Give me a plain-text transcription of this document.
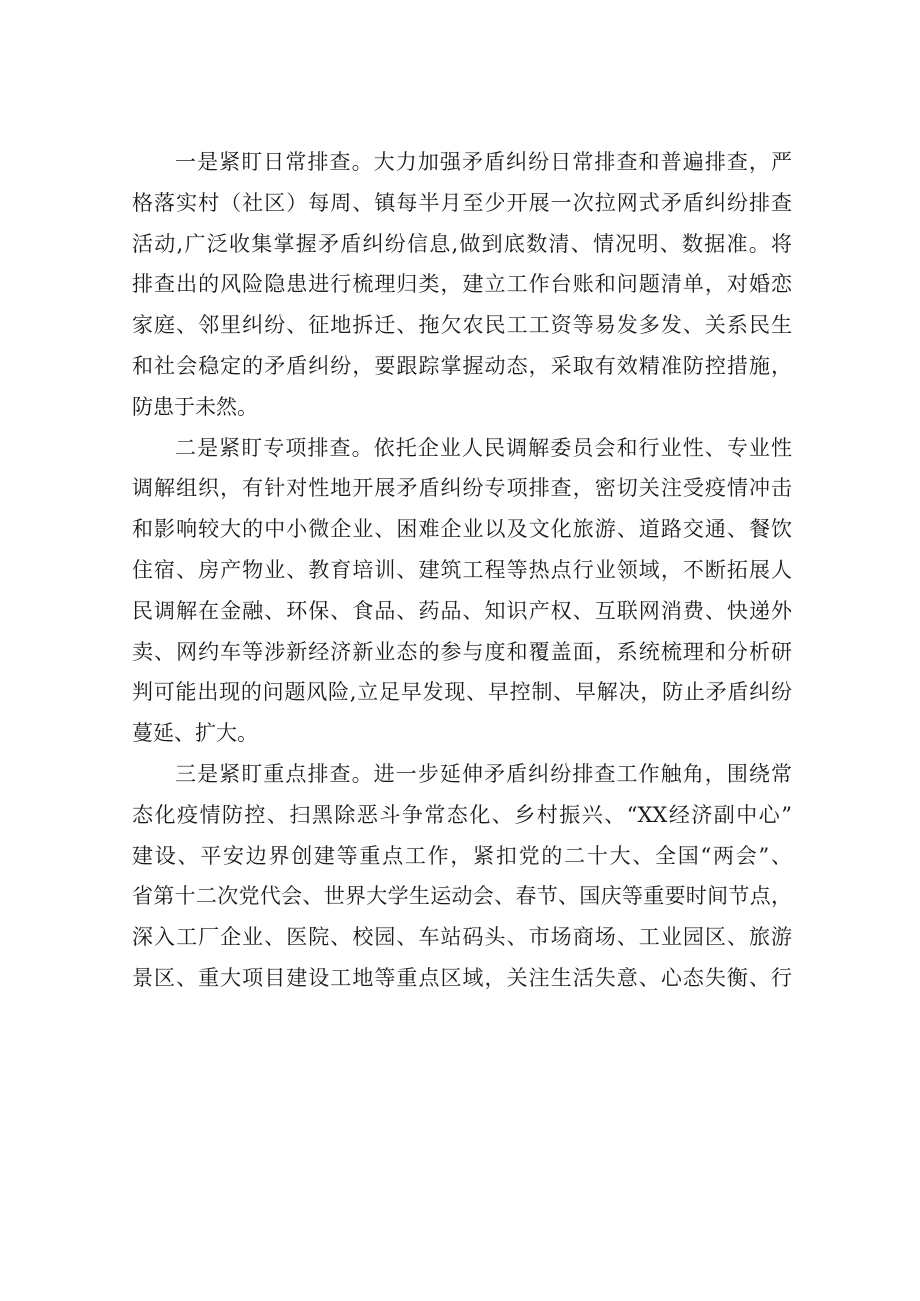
一是紧盯日常排查。大力加强矛盾纠纷日常排查和普遍排查，严
格落实村（社区）每周、镇每半月至少开展一次拉网式矛盾纠纷排查
活动,广泛收集掌握矛盾纠纷信息,做到底数清、情况明、数据准。将
排查出的风险隐患进行梳理归类，建立工作台账和问题清单，对婚恋
家庭、邻里纠纷、征地拆迁、拖欠农民工工资等易发多发、关系民生
和社会稳定的矛盾纠纷，要跟踪掌握动态，采取有效精准防控措施，
防患于未然。
二是紧盯专项排查。依托企业人民调解委员会和行业性、专业性
调解组织，有针对性地开展矛盾纠纷专项排查，密切关注受疫情冲击
和影响较大的中小微企业、困难企业以及文化旅游、道路交通、餐饮
住宿、房产物业、教育培训、建筑工程等热点行业领域，不断拓展人
民调解在金融、环保、食品、药品、知识产权、互联网消费、快递外
卖、网约车等涉新经济新业态的参与度和覆盖面，系统梳理和分析研
判可能出现的问题风险,立足早发现、早控制、早解决，防止矛盾纠纷
蔓延、扩大。
三是紧盯重点排查。进一步延伸矛盾纠纷排查工作触角，围绕常
态化疫情防控、扫黑除恶斗争常态化、乡村振兴、“XX经济副中心”
建设、平安边界创建等重点工作，紧扣党的二十大、全国“两会”、
省第十二次党代会、世界大学生运动会、春节、国庆等重要时间节点，
深入工厂企业、医院、校园、车站码头、市场商场、工业园区、旅游
景区、重大项目建设工地等重点区域，关注生活失意、心态失衡、行
